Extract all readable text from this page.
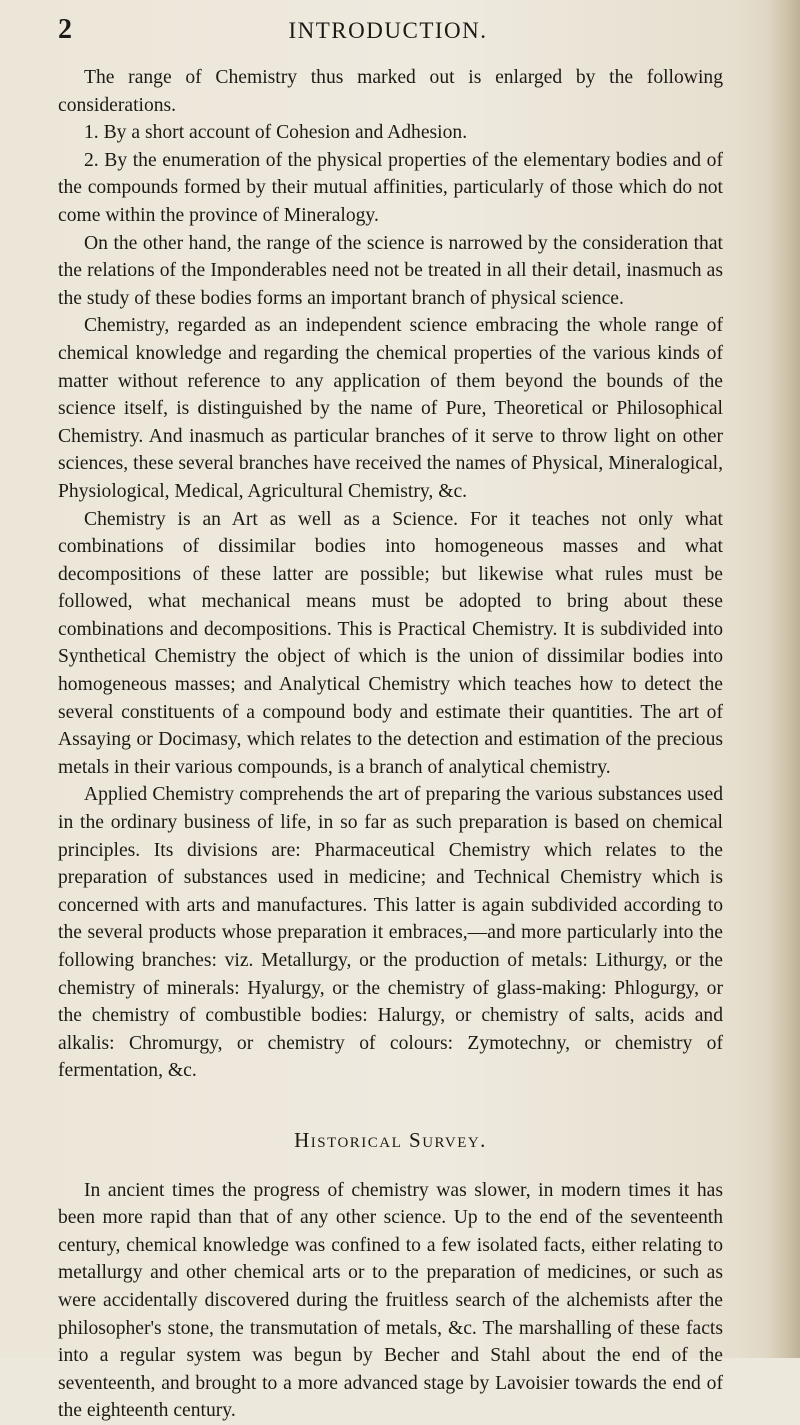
2	INTRODUCTION.

The range of Chemistry thus marked out is enlarged by the following considerations.

1. By a short account of Cohesion and Adhesion.

2. By the enumeration of the physical properties of the elementary bodies and of the compounds formed by their mutual affinities, particularly of those which do not come within the province of Mineralogy.

On the other hand, the range of the science is narrowed by the consideration that the relations of the Imponderables need not be treated in all their detail, inasmuch as the study of these bodies forms an important branch of physical science.

Chemistry, regarded as an independent science embracing the whole range of chemical knowledge and regarding the chemical properties of the various kinds of matter without reference to any application of them beyond the bounds of the science itself, is distinguished by the name of Pure, Theoretical or Philosophical Chemistry. And inasmuch as particular branches of it serve to throw light on other sciences, these several branches have received the names of Physical, Mineralogical, Physiological, Medical, Agricultural Chemistry, &c.

Chemistry is an Art as well as a Science. For it teaches not only what combinations of dissimilar bodies into homogeneous masses and what decompositions of these latter are possible; but likewise what rules must be followed, what mechanical means must be adopted to bring about these combinations and decompositions. This is Practical Chemistry. It is subdivided into Synthetical Chemistry the object of which is the union of dissimilar bodies into homogeneous masses; and Analytical Chemistry which teaches how to detect the several constituents of a compound body and estimate their quantities. The art of Assaying or Docimasy, which relates to the detection and estimation of the precious metals in their various compounds, is a branch of analytical chemistry.

Applied Chemistry comprehends the art of preparing the various substances used in the ordinary business of life, in so far as such preparation is based on chemical principles. Its divisions are: Pharmaceutical Chemistry which relates to the preparation of substances used in medicine; and Technical Chemistry which is concerned with arts and manufactures. This latter is again subdivided according to the several products whose preparation it embraces,—and more particularly into the following branches: viz. Metallurgy, or the production of metals: Lithurgy, or the chemistry of minerals: Hyalurgy, or the chemistry of glass-making: Phlogurgy, or the chemistry of combustible bodies: Halurgy, or chemistry of salts, acids and alkalis: Chromurgy, or chemistry of colours: Zymotechny, or chemistry of fermentation, &c.

Historical Survey.

In ancient times the progress of chemistry was slower, in modern times it has been more rapid than that of any other science. Up to the end of the seventeenth century, chemical knowledge was confined to a few isolated facts, either relating to metallurgy and other chemical arts or to the preparation of medicines, or such as were accidentally discovered during the fruitless search of the alchemists after the philosopher's stone, the transmutation of metals, &c. The marshalling of these facts into a regular system was begun by Becher and Stahl about the end of the seventeenth, and brought to a more advanced stage by Lavoisier towards the end of the eighteenth century.
